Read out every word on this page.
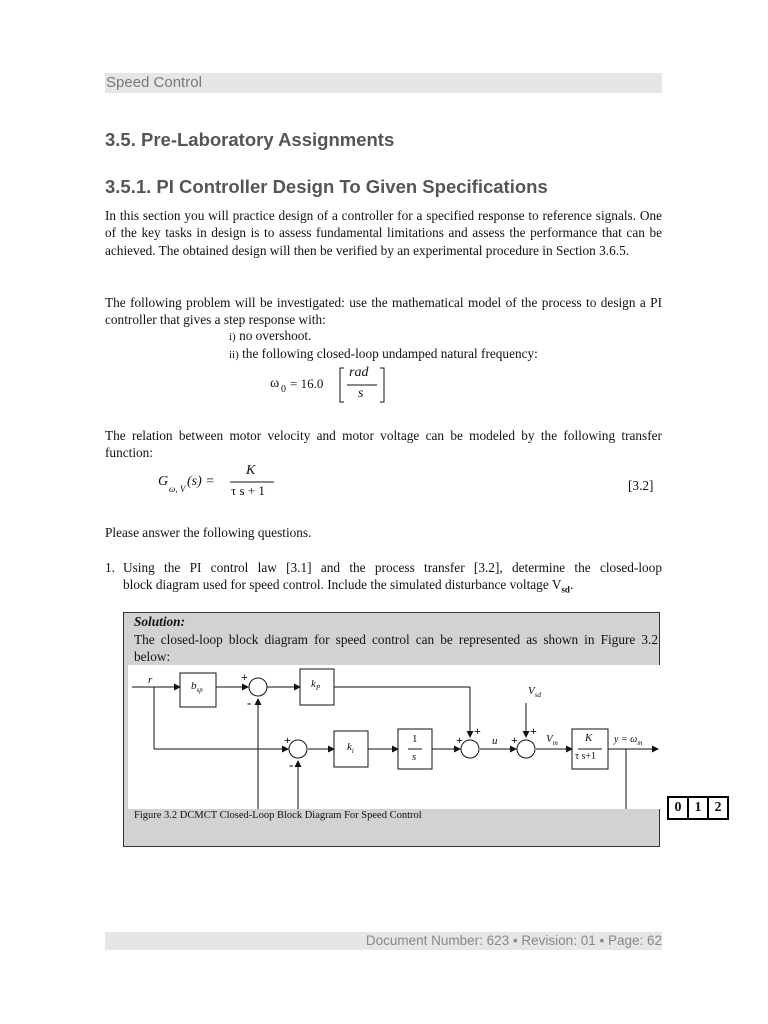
Speed Control
3.5. Pre-Laboratory Assignments
3.5.1. PI Controller Design To Given Specifications
In this section you will practice design of a controller for a specified response to reference signals. One of the key tasks in design is to assess fundamental limitations and assess the performance that can be achieved. The obtained design will then be verified by an experimental procedure in Section 3.6.5.
The following problem will be investigated: use the mathematical model of the process to design a PI controller that gives a step response with:
i) no overshoot.
ii) the following closed-loop undamped natural frequency:
ω 0 = 16.0
rad
s
The relation between motor velocity and motor voltage can be modeled by the following transfer function:
G ω, V (s) =
K
τ s + 1	[3.2]
Please answer the following questions.
1. Using the PI control law [3.1] and the process transfer [3.2], determine the closed-loop
block diagram used for speed control. Include the simulated disturbance voltage $V_{sd}$.
Solution:
The closed-loop block diagram for speed control can be represented as shown in Figure 3.2 below:
r	$b_{sp}$
$k_P$
$k_i$
1
s
u
$V_{sd}$
$V_m$ K
τ s+1
$y = \omega_m$
+
-
+
-
+
+
+
+
Figure 3.2 DCMCT Closed-Loop Block Diagram For Speed Control
0 1 2
Document Number: 623 • Revision: 01 • Page: 62
